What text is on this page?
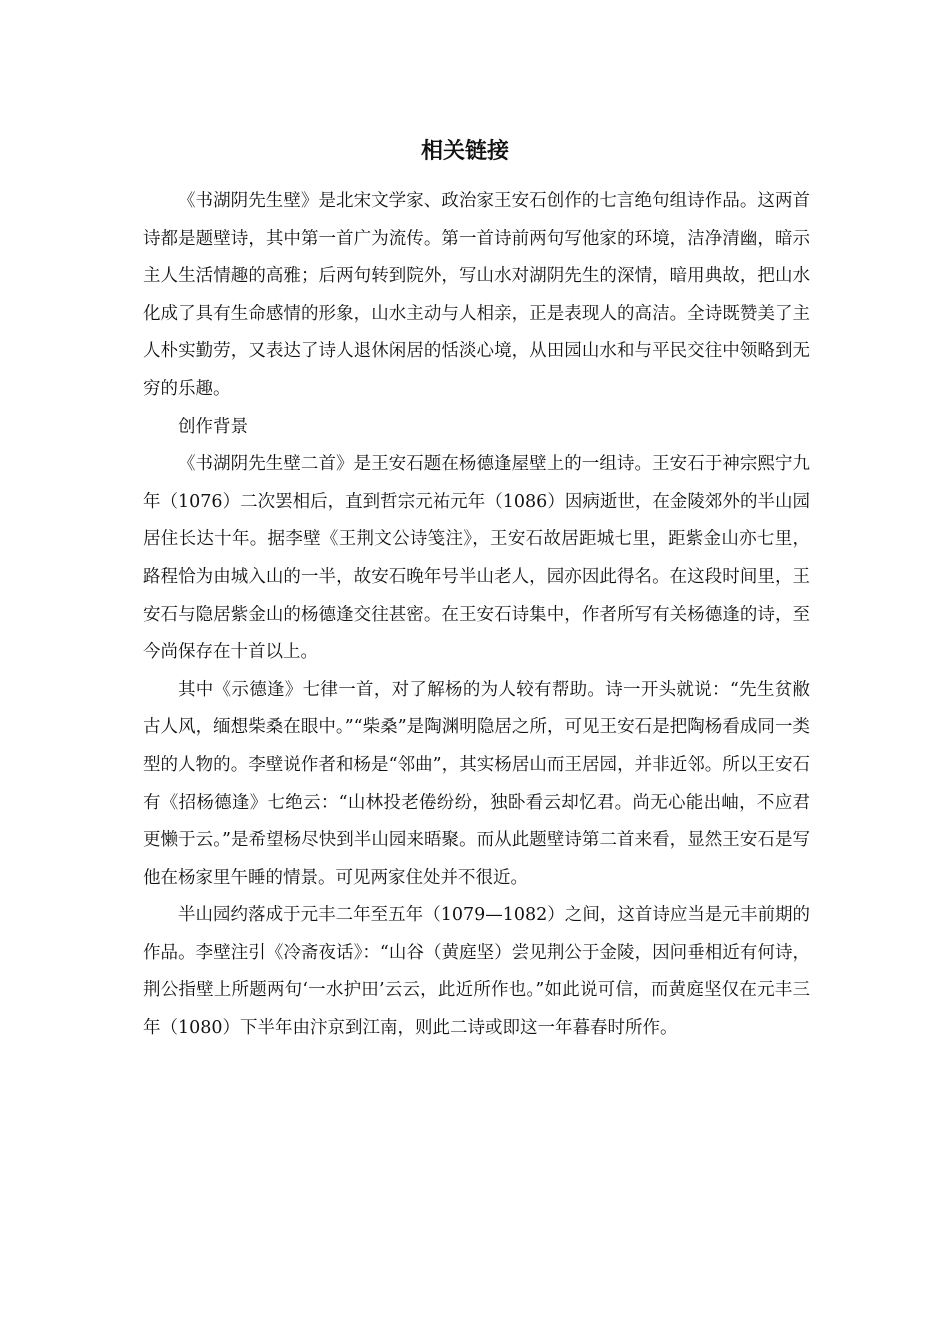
相关链接

《书湖阴先生壁》是北宋文学家、政治家王安石创作的七言绝句组诗作品。这两首诗都是题壁诗，其中第一首广为流传。第一首诗前两句写他家的环境，洁净清幽，暗示主人生活情趣的高雅；后两句转到院外，写山水对湖阴先生的深情，暗用典故，把山水化成了具有生命感情的形象，山水主动与人相亲，正是表现人的高洁。全诗既赞美了主人朴实勤劳，又表达了诗人退休闲居的恬淡心境，从田园山水和与平民交往中领略到无穷的乐趣。

创作背景

《书湖阴先生壁二首》是王安石题在杨德逢屋壁上的一组诗。王安石于神宗熙宁九年（1076）二次罢相后，直到哲宗元祐元年（1086）因病逝世，在金陵郊外的半山园居住长达十年。据李壁《王荆文公诗笺注》，王安石故居距城七里，距紫金山亦七里，路程恰为由城入山的一半，故安石晚年号半山老人，园亦因此得名。在这段时间里，王安石与隐居紫金山的杨德逢交往甚密。在王安石诗集中，作者所写有关杨德逢的诗，至今尚保存在十首以上。

其中《示德逢》七律一首，对了解杨的为人较有帮助。诗一开头就说：“先生贫敝古人风，缅想柴桑在眼中。”“柴桑”是陶渊明隐居之所，可见王安石是把陶杨看成同一类型的人物的。李壁说作者和杨是“邻曲”，其实杨居山而王居园，并非近邻。所以王安石有《招杨德逢》七绝云：“山林投老倦纷纷，独卧看云却忆君。尚无心能出岫，不应君更懒于云。”是希望杨尽快到半山园来晤聚。而从此题壁诗第二首来看，显然王安石是写他在杨家里午睡的情景。可见两家住处并不很近。

半山园约落成于元丰二年至五年（1079—1082）之间，这首诗应当是元丰前期的作品。李壁注引《冷斋夜话》：“山谷（黄庭坚）尝见荆公于金陵，因问垂相近有何诗，荆公指壁上所题两句‘一水护田’云云，此近所作也。”如此说可信，而黄庭坚仅在元丰三年（1080）下半年由汴京到江南，则此二诗或即这一年暮春时所作。
